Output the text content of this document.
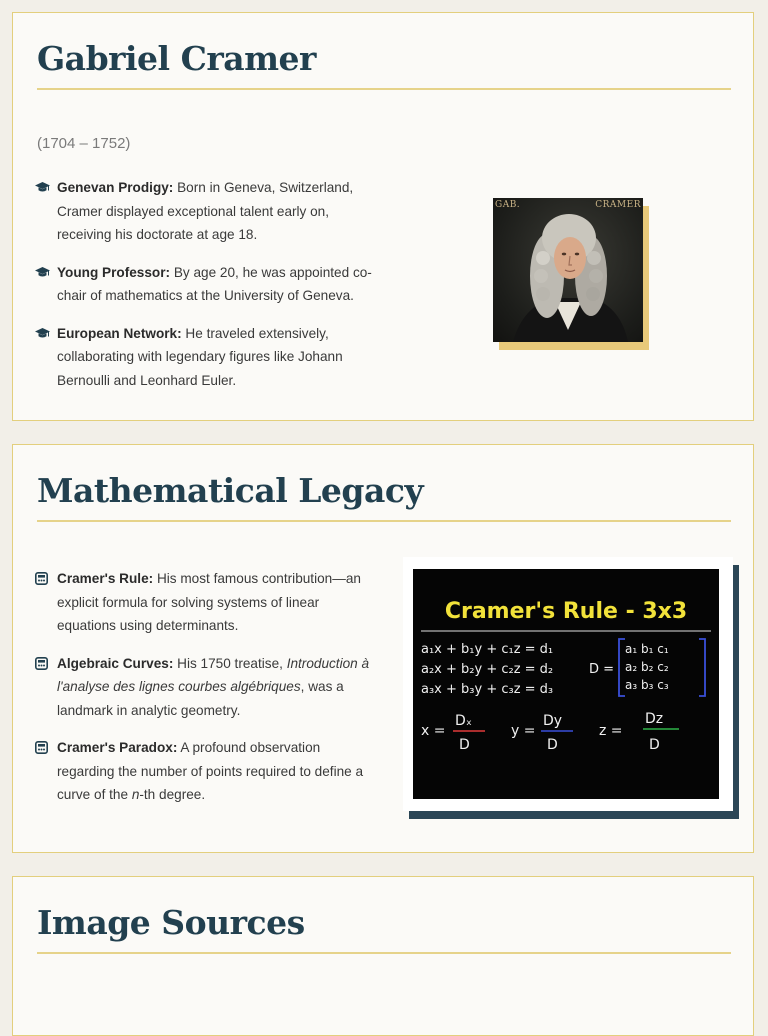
Gabriel Cramer
(1704 – 1752)
Genevan Prodigy: Born in Geneva, Switzerland, Cramer displayed exceptional talent early on, receiving his doctorate at age 18.
Young Professor: By age 20, he was appointed co-chair of mathematics at the University of Geneva.
European Network: He traveled extensively, collaborating with legendary figures like Johann Bernoulli and Leonhard Euler.
GAB.	CRAMER
Mathematical Legacy
Cramer's Rule: His most famous contribution—an explicit formula for solving systems of linear equations using determinants.
Algebraic Curves: His 1750 treatise, Introduction à l'analyse des lignes courbes algébriques, was a landmark in analytic geometry.
Cramer's Paradox: A profound observation regarding the number of points required to define a curve of the n-th degree.
Cramer's Rule - 3x3
a₁x + b₁y + c₁z = d₁
a₂x + b₂y + c₂z = d₂
a₃x + b₃y + c₃z = d₃
D =
a₁ b₁ c₁
a₂ b₂ c₂
a₃ b₃ c₃
x =
Dₓ
D
y =
Dy
D
z =
Dz
D
Image Sources
